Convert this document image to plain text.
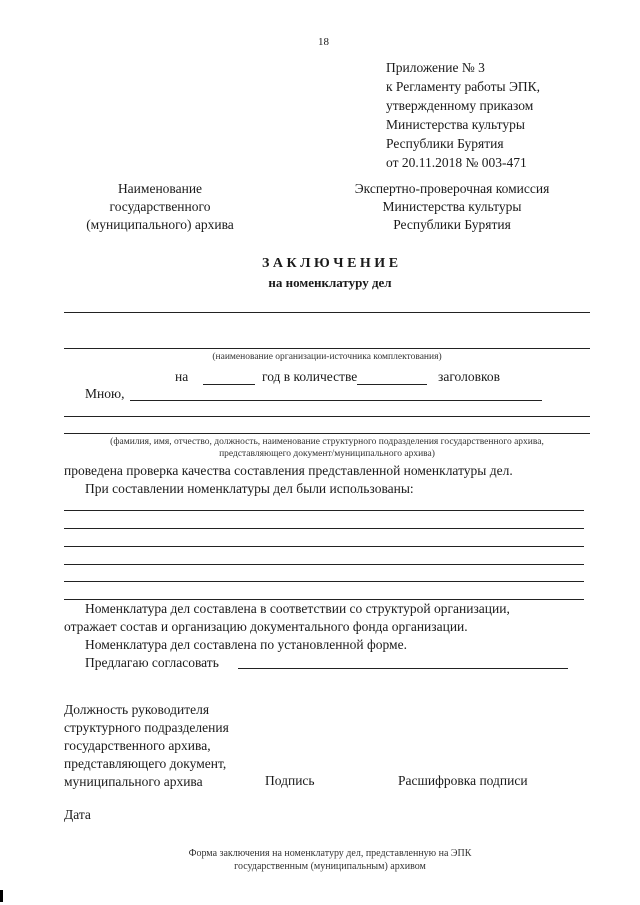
18
Приложение № 3
к Регламенту работы ЭПК,
утвержденному приказом
Министерства культуры
Республики Бурятия
от 20.11.2018 № 003-471
Наименование
государственного
(муниципального) архива
Экспертно-проверочная комиссия
Министерства культуры
Республики Бурятия
З А К Л Ю Ч Е Н И Е
на номенклатуру дел
(наименование организации-источника комплектования)
на	год в количестве	заголовков
Мною,
(фамилия, имя, отчество, должность, наименование структурного подразделения государственного архива,
представляющего документ/муниципального архива)
проведена проверка качества составления представленной номенклатуры дел.
При составлении номенклатуры дел были использованы:
Номенклатура дел составлена в соответствии со структурой организации,
отражает состав и организацию документального фонда организации.
Номенклатура дел составлена по установленной форме.
Предлагаю согласовать
Должность руководителя
структурного подразделения
государственного архива,
представляющего документ,
муниципального архива	Подпись	Расшифровка подписи
Дата
Форма заключения на номенклатуру дел, представленную на ЭПК
государственным (муниципальным) архивом
